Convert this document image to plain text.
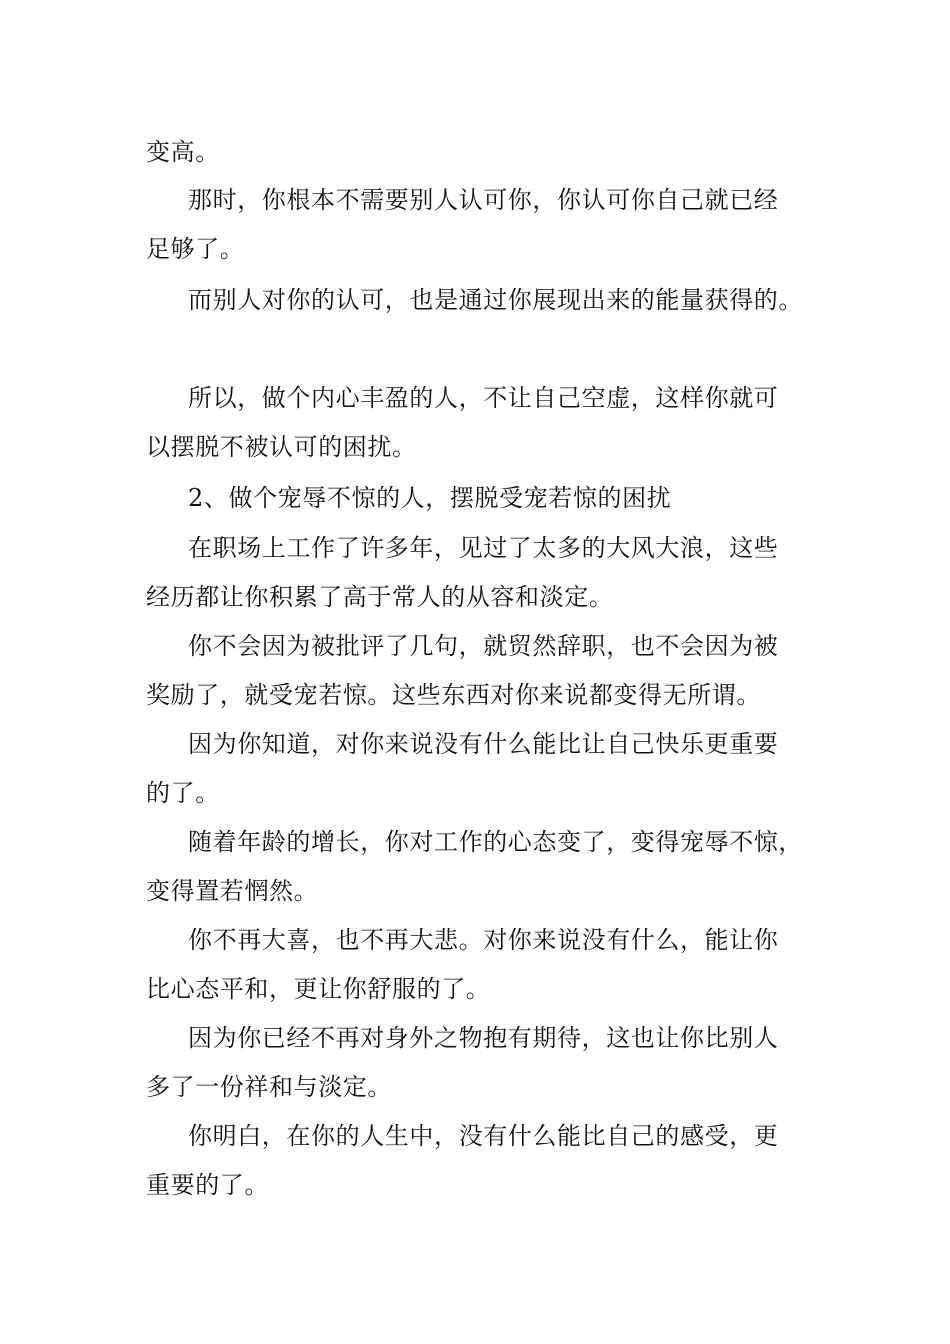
变高。

那时，你根本不需要别人认可你，你认可你自己就已经
足够了。

而别人对你的认可，也是通过你展现出来的能量获得的。

所以，做个内心丰盈的人，不让自己空虚，这样你就可
以摆脱不被认可的困扰。

2、做个宠辱不惊的人，摆脱受宠若惊的困扰

在职场上工作了许多年，见过了太多的大风大浪，这些
经历都让你积累了高于常人的从容和淡定。

你不会因为被批评了几句，就贸然辞职，也不会因为被
奖励了，就受宠若惊。这些东西对你来说都变得无所谓。

因为你知道，对你来说没有什么能比让自己快乐更重要
的了。

随着年龄的增长，你对工作的心态变了，变得宠辱不惊，
变得置若惘然。

你不再大喜，也不再大悲。对你来说没有什么，能让你
比心态平和，更让你舒服的了。

因为你已经不再对身外之物抱有期待，这也让你比别人
多了一份祥和与淡定。

你明白，在你的人生中，没有什么能比自己的感受，更
重要的了。
